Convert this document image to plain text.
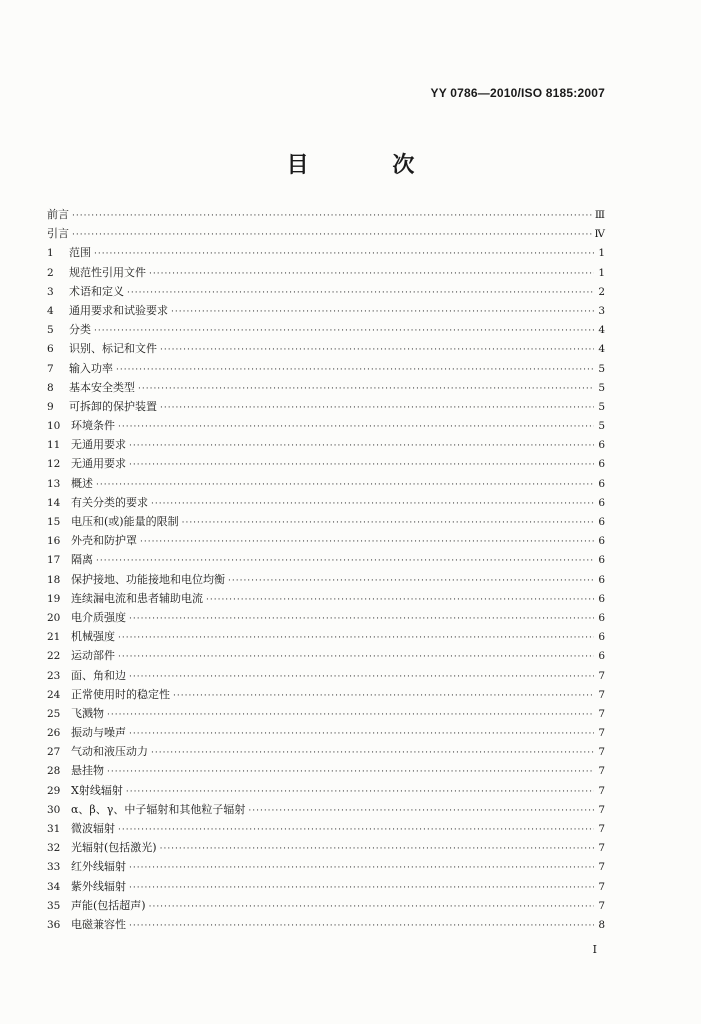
YY 0786—2010/ISO 8185:2007
目 次
前言 ·····	Ⅲ
引言 ·····	Ⅳ
1	范围 ·····	1
2	规范性引用文件 ·····	1
3	术语和定义 ·····	2
4	通用要求和试验要求 ·····	3
5	分类 ·····	4
6	识别、标记和文件 ·····	4
7	输入功率 ·····	5
8	基本安全类型 ·····	5
9	可拆卸的保护装置 ·····	5
10 环境条件 ·····	5
11 无通用要求 ·····	6
12 无通用要求 ·····	6
13 概述 ·····	6
14 有关分类的要求 ·····	6
15 电压和(或)能量的限制 ·····	6
16 外壳和防护罩 ·····	6
17 隔离 ·····	6
18 保护接地、功能接地和电位均衡 ·····	6
19 连续漏电流和患者辅助电流 ·····	6
20 电介质强度 ·····	6
21 机械强度 ·····	6
22 运动部件 ·····	6
23 面、角和边 ·····	7
24 正常使用时的稳定性 ·····	7
25 飞溅物 ·····	7
26 振动与噪声 ·····	7
27 气动和液压动力 ·····	7
28 悬挂物 ·····	7
29 X射线辐射 ·····	7
30 α、β、γ、中子辐射和其他粒子辐射 ·····	7
31 微波辐射 ·····	7
32 光辐射(包括激光) ·····	7
33 红外线辐射 ·····	7
34 紫外线辐射 ·····	7
35 声能(包括超声) ·····	7
36 电磁兼容性 ·····	8
I
